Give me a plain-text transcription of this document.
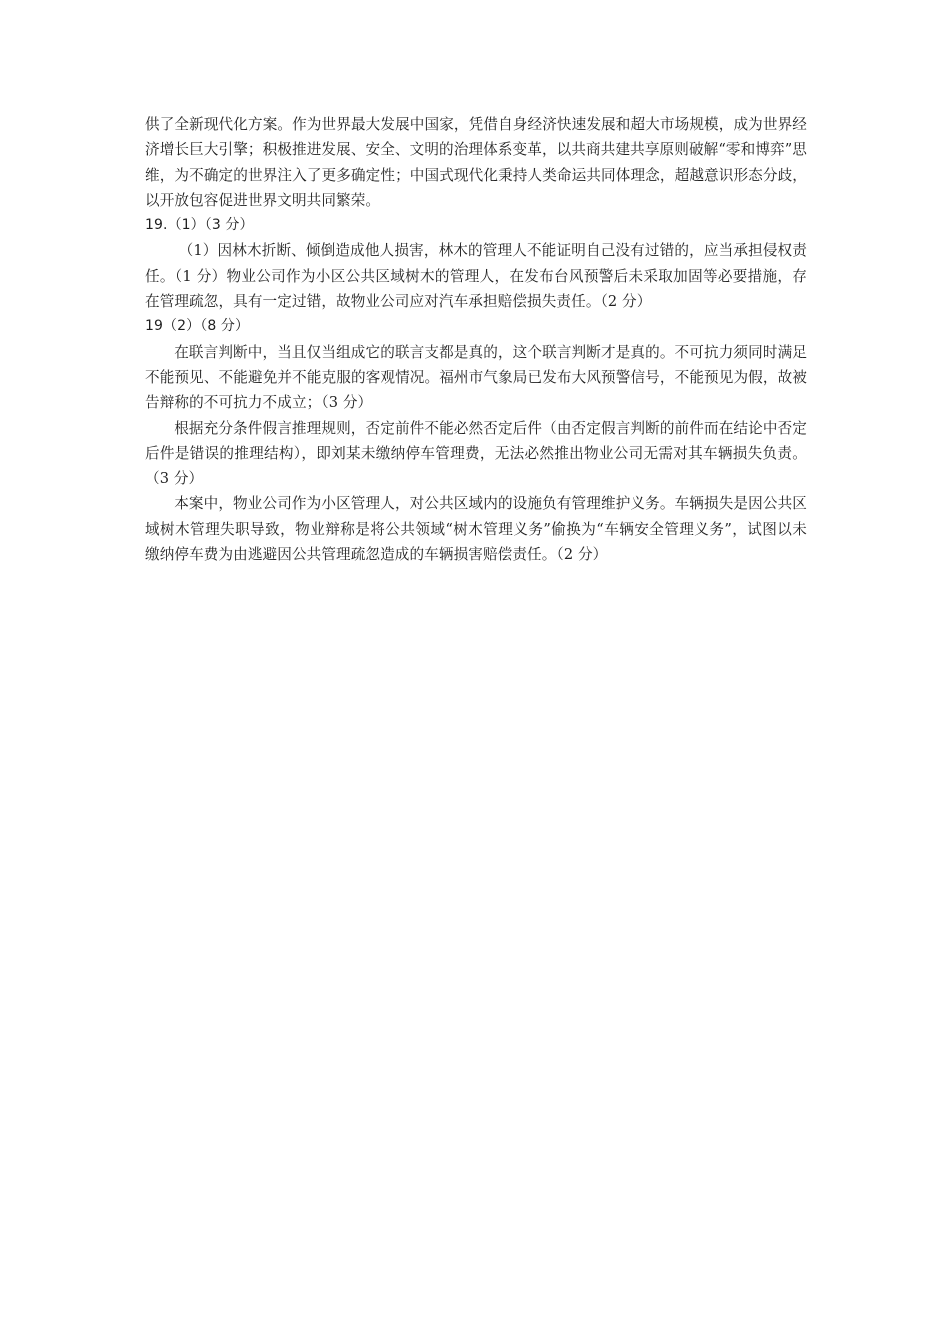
供了全新现代化方案。作为世界最大发展中国家，凭借自身经济快速发展和超大市场规模，成为世界经济增长巨大引擎；积极推进发展、安全、文明的治理体系变革，以共商共建共享原则破解“零和博弈”思维，为不确定的世界注入了更多确定性；中国式现代化秉持人类命运共同体理念，超越意识形态分歧，以开放包容促进世界文明共同繁荣。

19.（1）（3 分）

（1）因林木折断、倾倒造成他人损害，林木的管理人不能证明自己没有过错的，应当承担侵权责任。（1 分）物业公司作为小区公共区域树木的管理人，在发布台风预警后未采取加固等必要措施，存在管理疏忽，具有一定过错，故物业公司应对汽车承担赔偿损失责任。（2 分）

19（2）（8 分）

在联言判断中，当且仅当组成它的联言支都是真的，这个联言判断才是真的。不可抗力须同时满足不能预见、不能避免并不能克服的客观情况。福州市气象局已发布大风预警信号，不能预见为假，故被告辩称的不可抗力不成立；（3 分）

根据充分条件假言推理规则，否定前件不能必然否定后件（由否定假言判断的前件而在结论中否定后件是错误的推理结构），即刘某未缴纳停车管理费，无法必然推出物业公司无需对其车辆损失负责。（3 分）

本案中，物业公司作为小区管理人，对公共区域内的设施负有管理维护义务。车辆损失是因公共区域树木管理失职导致，物业辩称是将公共领域“树木管理义务”偷换为“车辆安全管理义务”，试图以未缴纳停车费为由逃避因公共管理疏忽造成的车辆损害赔偿责任。（2 分）
